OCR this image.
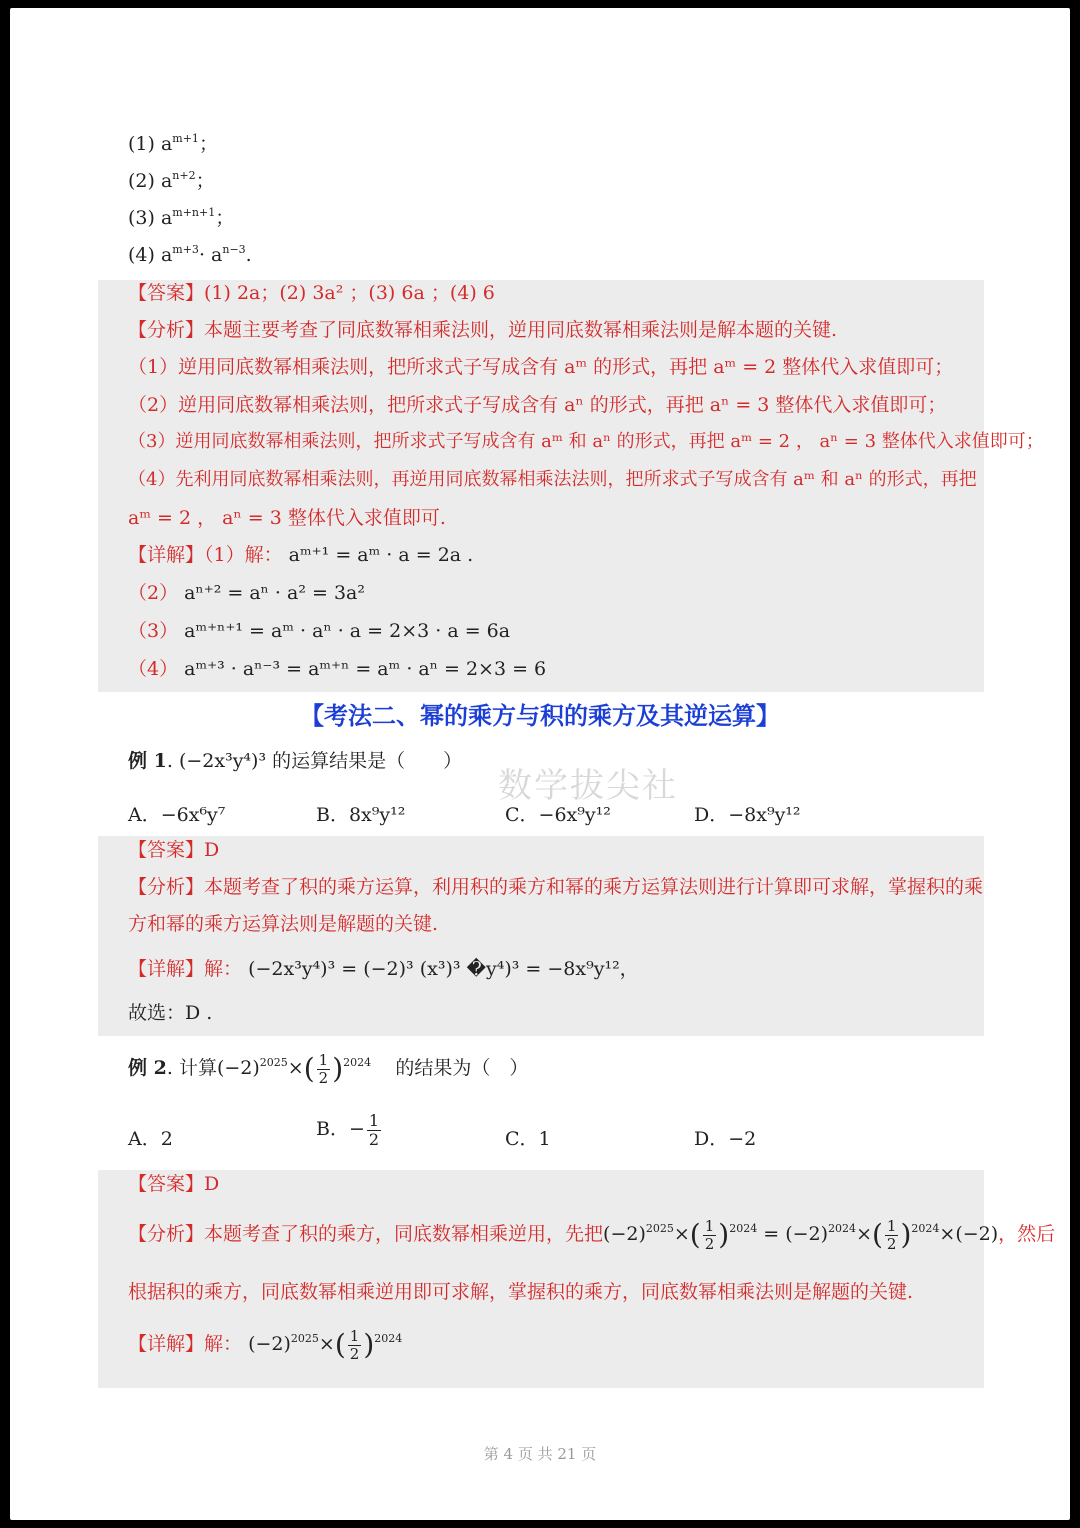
(1) $a^{m+1}$；
(2) $a^{n+2}$；
(3) $a^{m+n+1}$；
(4) $a^{m+3}\cdot a^{n-3}$.
【答案】(1) 2a；(2) 3a² ；(3) 6a ；(4) 6
【分析】本题主要考查了同底数幂相乘法则，逆用同底数幂相乘法则是解本题的关键.
（1）逆用同底数幂相乘法则，把所求式子写成含有 aᵐ 的形式，再把 aᵐ = 2 整体代入求值即可；
（2）逆用同底数幂相乘法则，把所求式子写成含有 aⁿ 的形式，再把 aⁿ = 3 整体代入求值即可；
（3）逆用同底数幂相乘法则，把所求式子写成含有 aᵐ 和 aⁿ 的形式，再把 aᵐ = 2 ， aⁿ = 3 整体代入求值即可；
（4）先利用同底数幂相乘法则，再逆用同底数幂相乘法法则，把所求式子写成含有 aᵐ 和 aⁿ 的形式，再把
aᵐ = 2 ， aⁿ = 3 整体代入求值即可.
【详解】（1）解： aᵐ⁺¹ = aᵐ · a = 2a .
（2） aⁿ⁺² = aⁿ · a² = 3a²
（3） aᵐ⁺ⁿ⁺¹ = aᵐ · aⁿ · a = 2×3 · a = 6a
（4） aᵐ⁺³ · aⁿ⁻³ = aᵐ⁺ⁿ = aᵐ · aⁿ = 2×3 = 6
【考法二、幂的乘方与积的乘方及其逆运算】
例 1. (−2x³y⁴)³ 的运算结果是（　　）
数学拔尖社
A．−6x⁶y⁷	B．8x⁹y¹²	C．−6x⁹y¹²	D．−8x⁹y¹²
【答案】D
【分析】本题考查了积的乘方运算，利用积的乘方和幂的乘方运算法则进行计算即可求解，掌握积的乘
方和幂的乘方运算法则是解题的关键.
【详解】解： (−2x³y⁴)³ = (−2)³ (x³)³ �y⁴)³ = −8x⁹y¹²，
故选：D .
例 2. 计算$(-2)^{2025}\times( \frac{1}{2} )^{2024}$ 的结果为（　）
A．2	B．− $\frac{1}{2}$	C．1	D．−2
【答案】D
【分析】本题考查了积的乘方，同底数幂相乘逆用，先把$(-2)^{2025}\times( \frac{1}{2} )^{2024} = (-2)^{2024}\times( \frac{1}{2} )^{2024}\times(-2)$，然后
根据积的乘方，同底数幂相乘逆用即可求解，掌握积的乘方，同底数幂相乘法则是解题的关键.
【详解】解： $(-2)^{2025}\times( \frac{1}{2} )^{2024}$
第 4 页 共 21 页
